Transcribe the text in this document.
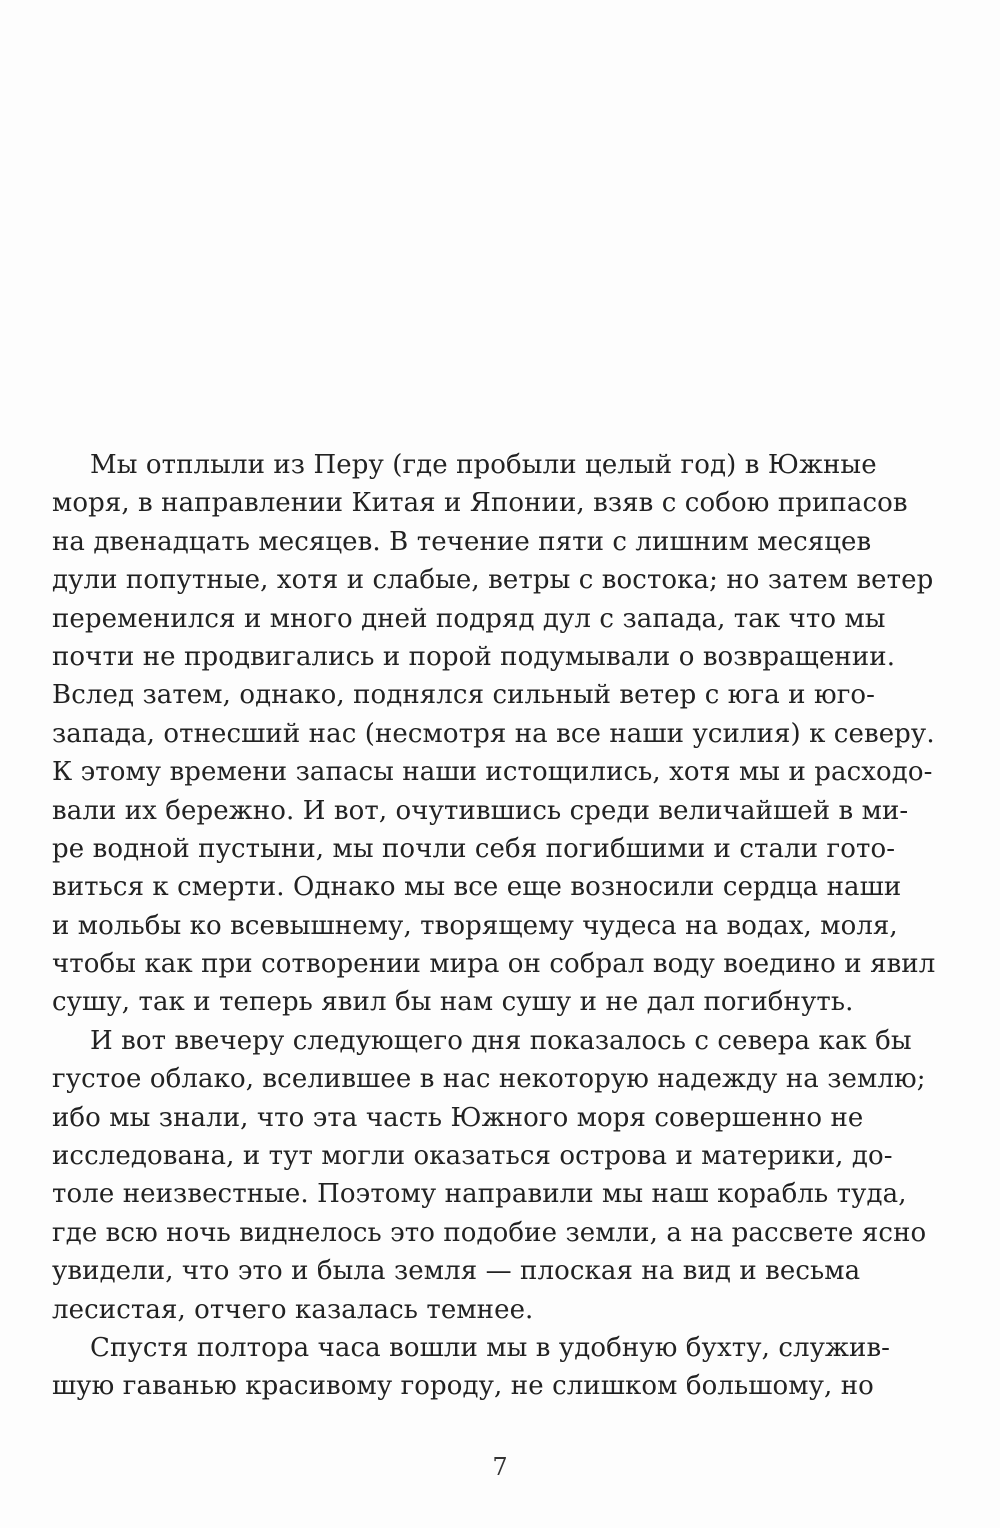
Мы отплыли из Перу (где пробыли целый год) в Южные
моря, в направлении Китая и Японии, взяв с собою припасов
на двенадцать месяцев. В течение пяти с лишним месяцев
дули попутные, хотя и слабые, ветры с востока; но затем ветер
переменился и много дней подряд дул с запада, так что мы
почти не продвигались и порой подумывали о возвращении.
Вслед затем, однако, поднялся сильный ветер с юга и юго-
запада, отнесший нас (несмотря на все наши усилия) к северу.
К этому времени запасы наши истощились, хотя мы и расходо-
вали их бережно. И вот, очутившись среди величайшей в ми-
ре водной пустыни, мы почли себя погибшими и стали гото-
виться к смерти. Однако мы все еще возносили сердца наши
и мольбы ко всевышнему, творящему чудеса на водах, моля,
чтобы как при сотворении мира он собрал воду воедино и явил
сушу, так и теперь явил бы нам сушу и не дал погибнуть.
И вот ввечеру следующего дня показалось с севера как бы
густое облако, вселившее в нас некоторую надежду на землю;
ибо мы знали, что эта часть Южного моря совершенно не
исследована, и тут могли оказаться острова и материки, до-
толе неизвестные. Поэтому направили мы наш корабль туда,
где всю ночь виднелось это подобие земли, а на рассвете ясно
увидели, что это и была земля — плоская на вид и весьма
лесистая, отчего казалась темнее.
Спустя полтора часа вошли мы в удобную бухту, служив-
шую гаванью красивому городу, не слишком большому, но
7
